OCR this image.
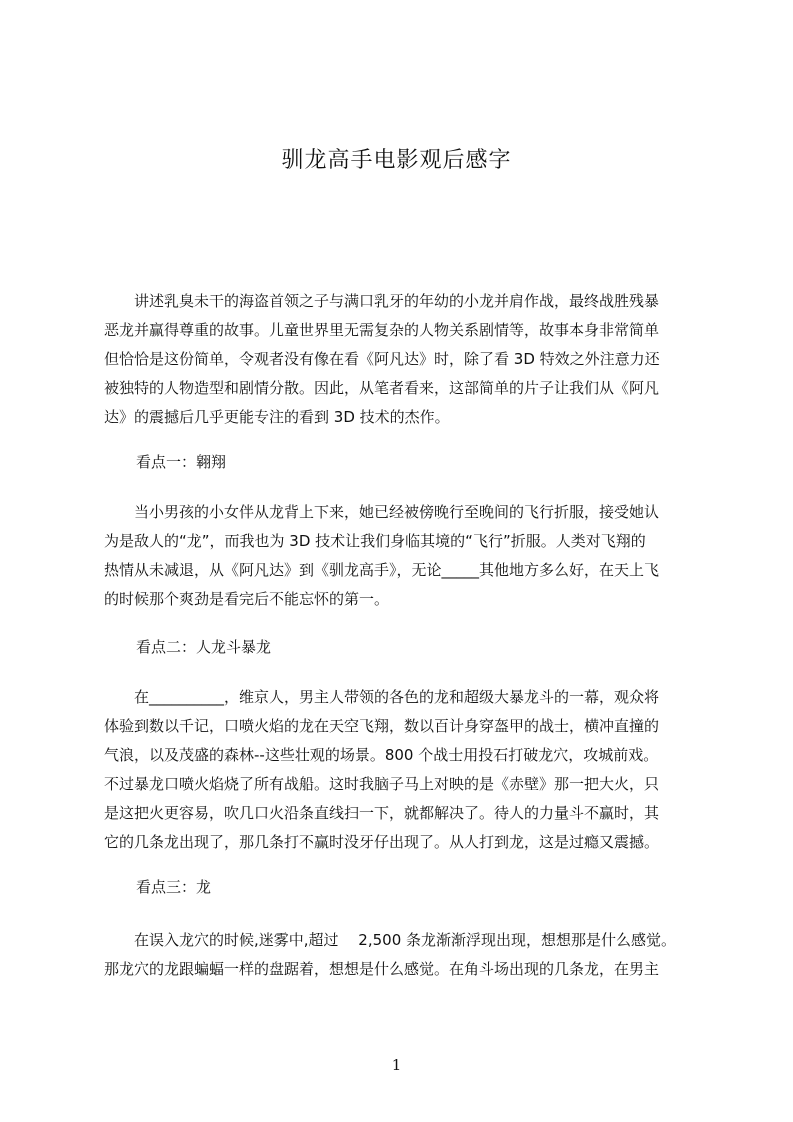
驯龙高手电影观后感字
　　讲述乳臭未干的海盗首领之子与满口乳牙的年幼的小龙并肩作战，最终战胜残暴
恶龙并赢得尊重的故事。儿童世界里无需复杂的人物关系剧情等，故事本身非常简单
但恰恰是这份简单，令观者没有像在看《阿凡达》时，除了看 3D 特效之外注意力还
被独特的人物造型和剧情分散。因此，从笔者看来，这部简单的片子让我们从《阿凡
达》的震撼后几乎更能专注的看到 3D 技术的杰作。
看点一：翱翔
　　当小男孩的小女伴从龙背上下来，她已经被傍晚行至晚间的飞行折服，接受她认
为是敌人的“龙”，而我也为 3D 技术让我们身临其境的“飞行”折服。人类对飞翔的
热情从未减退，从《阿凡达》到《驯龙高手》，无论_____其他地方多么好，在天上飞
的时候那个爽劲是看完后不能忘怀的第一。
看点二：人龙斗暴龙
　　在__________，维京人，男主人带领的各色的龙和超级大暴龙斗的一幕，观众将
体验到数以千记，口喷火焰的龙在天空飞翔，数以百计身穿盔甲的战士，横冲直撞的
气浪，以及茂盛的森林--这些壮观的场景。800 个战士用投石打破龙穴，攻城前戏。
不过暴龙口喷火焰烧了所有战船。这时我脑子马上对映的是《赤壁》那一把大火，只
是这把火更容易，吹几口火沿条直线扫一下，就都解决了。待人的力量斗不赢时，其
它的几条龙出现了，那几条打不赢时没牙仔出现了。从人打到龙，这是过瘾又震撼。
看点三：龙
　　在误入龙穴的时候,迷雾中,超过　 2,500 条龙渐渐浮现出现，想想那是什么感觉。
那龙穴的龙跟蝙蝠一样的盘踞着，想想是什么感觉。在角斗场出现的几条龙，在男主
1
